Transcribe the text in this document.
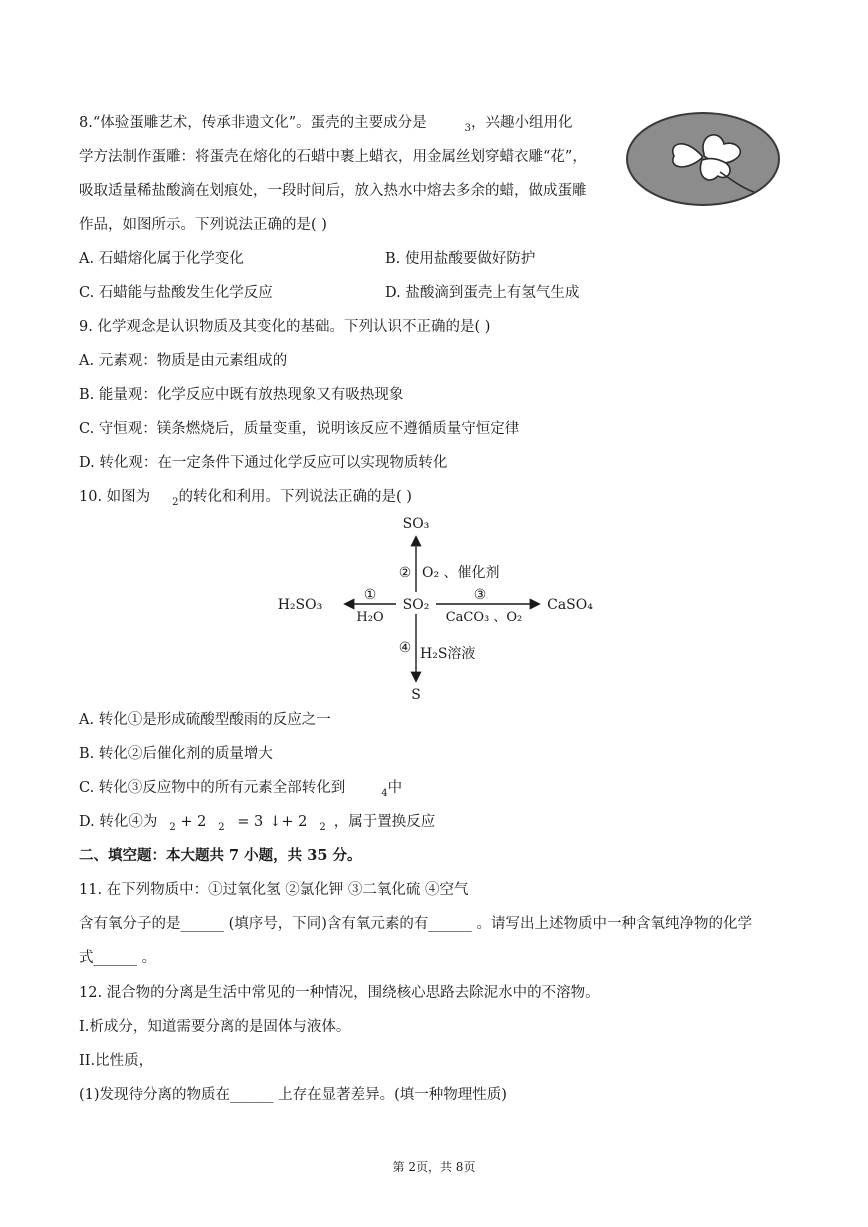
8.“体验蛋雕艺术，传承非遗文化”。蛋壳的主要成分是	$_3$，兴趣小组用化
学方法制作蛋雕：将蛋壳在熔化的石蜡中裹上蜡衣，用金属丝划穿蜡衣雕“花”，
吸取适量稀盐酸滴在划痕处，一段时间后，放入热水中熔去多余的蜡，做成蛋雕
作品，如图所示。下列说法正确的是( )
A. 石蜡熔化属于化学变化	B. 使用盐酸要做好防护
C. 石蜡能与盐酸发生化学反应	D. 盐酸滴到蛋壳上有氢气生成
9. 化学观念是认识物质及其变化的基础。下列认识不正确的是( )
A. 元素观：物质是由元素组成的
B. 能量观：化学反应中既有放热现象又有吸热现象
C. 守恒观：镁条燃烧后，质量变重，说明该反应不遵循质量守恒定律
D. 转化观：在一定条件下通过化学反应可以实现物质转化
10. 如图为 $_2$的转化和利用。下列说法正确的是( )
SO₃
SO₂
H₂SO₃	CaSO₄
S
①
H₂O
② O₂ 、催化剂
③
CaCO₃ 、O₂
④ H₂S溶液
A. 转化①是形成硫酸型酸雨的反应之一
B. 转化②后催化剂的质量增大
C. 转化③反应物中的所有元素全部转化到	$_4$中
D. 转化④为 $_2$ + 2 $_2$ = 3 ↓+ 2 $_2$ ，属于置换反应
二、填空题：本大题共 7 小题，共 35 分。
11. 在下列物质中：①过氧化氢 ②氯化钾 ③二氧化硫 ④空气
含有氧分子的是______ (填序号，下同)含有氧元素的有______ 。请写出上述物质中一种含氧纯净物的化学
式______ 。
12. 混合物的分离是生活中常见的一种情况，围绕核心思路去除泥水中的不溶物。
I.析成分，知道需要分离的是固体与液体。
II.比性质，
(1)发现待分离的物质在______ 上存在显著差异。(填一种物理性质)
第 2页，共 8页
